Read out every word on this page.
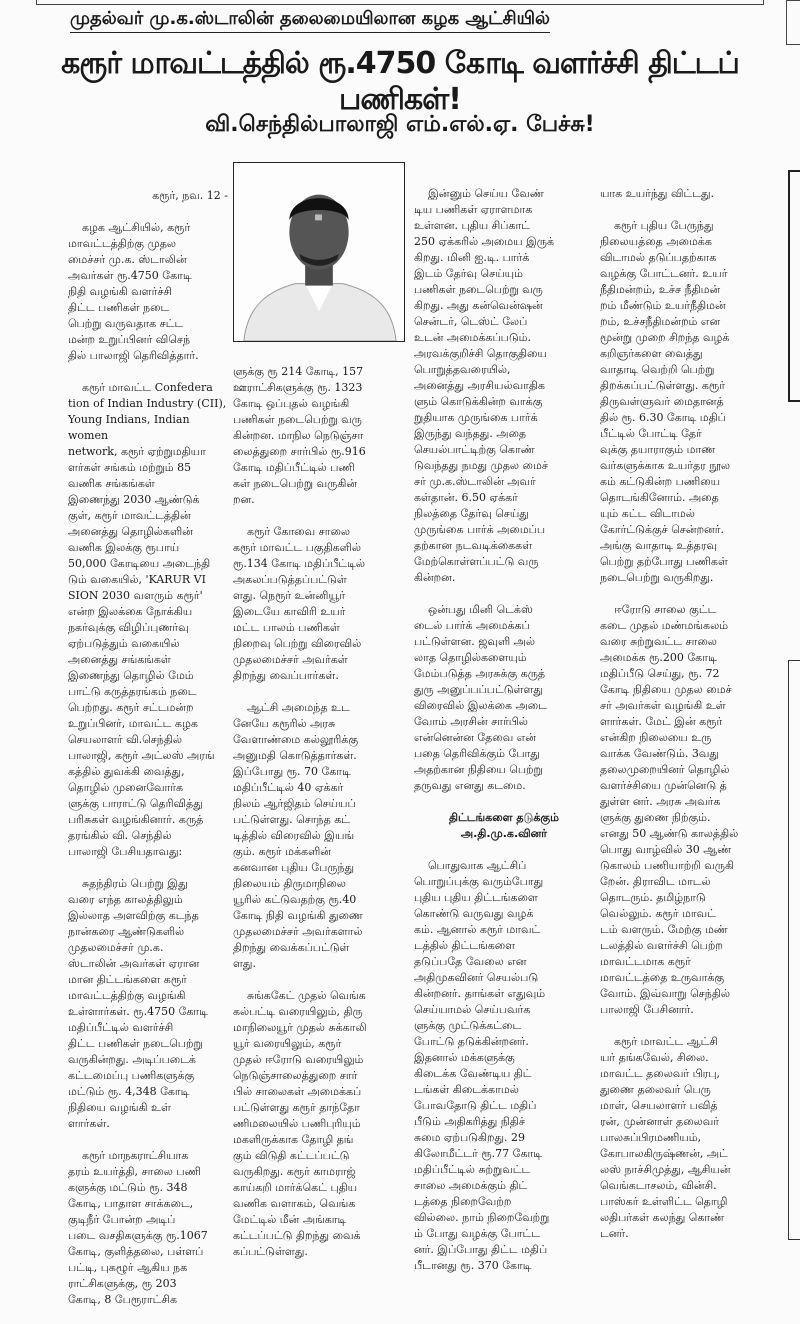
முதல்வர் மு.க.ஸ்டாலின் தலைமையிலான கழக ஆட்சியில்
கரூர் மாவட்டத்தில் ரூ.4750 கோடி வளர்ச்சி திட்டப் பணிகள்!
வி.செந்தில்பாலாஜி எம்.எல்.ஏ. பேச்சு!

கரூர், நவ. 12 -

கழக ஆட்சியில், கரூர்
மாவட்டத்திற்கு முதல
மைச்சர் மு.க. ஸ்டாலின்
அவர்கள் ரூ.4750 கோடி
நிதி வழங்கி வளர்ச்சி
திட்ட பணிகள் நடை
பெற்று வருவதாக சட்ட
மன்ற உறுப்பினர் விசெந்
தில் பாலாஜி தெரிவித்தார்.

கரூர் மாவட்ட Confedera
tion of Indian Industry (CII),
Young Indians, Indian women
network, கரூர் ஏற்றுமதியா
ளர்கள் சங்கம் மற்றும் 85
வணிக சங்கங்கள்
இணைந்து 2030 ஆண்டுக்
குள், கரூர் மாவட்டத்தின்
அனைத்து தொழில்களின்
வணிக இலக்கு ரூபாய்
50,000 கோடியை அடைந்தி
டும் வகையில், 'KARUR VI
SION 2030 வளரும் கரூர்'
என்ற இலக்கை நோக்கிய
நகர்வுக்கு விழிப்புணர்வு
ஏற்படுத்தும் வகையில்
அனைத்து சங்கங்கள்
இணைந்து தொழில் மேம்
பாட்டு கருத்தரங்கம் நடை
பெற்றது. கரூர் சட்டமன்ற
உறுப்பினர், மாவட்ட கழக
செயலாளர் வி.செந்தில்
பாலாஜி, கரூர் அட்லஸ் அரங்
கத்தில் துவக்கி வைத்து,
தொழில் முனைவோர்க
ளுக்கு பாராட்டு தெரிவித்து
பரிசுகள் வழங்கினார். கருத்
தரங்கில் வி. செந்தில்
பாலாஜி பேசியதாவது:

சுதந்திரம் பெற்று இது
வரை எந்த காலத்திலும்
இல்லாத அளவிற்கு கடந்த
நான்கரை ஆண்டுகளில்
முதலமைச்சர் மு.க.
ஸ்டாலின் அவர்கள் ஏரான
மான திட்டங்களை கரூர்
மாவட்டத்திற்கு வழங்கி
உள்ளார்கள். ரூ.4750 கோடி
மதிப்பீட்டில் வளர்ச்சி
திட்ட பணிகள் நடைபெற்று
வருகின்றது. அடிப்படைக்
கட்டமைப்பு பணிகளுக்கு
மட்டும் ரூ. 4,348 கோடி
நிதியை வழங்கி உள்
ளார்கள்.

கரூர் மாநகராட்சியாக
தரம் உயர்த்தி, சாலை பணி
களுக்கு மட்டும் ரூ. 348
கோடி, பாதாள சாக்கடை,
குடிநீர் போன்ற அடிப்
படை வசதிகளுக்கு ரூ.1067
கோடி, குளித்தலை, பள்ளப்
பட்டி, புகழூர் ஆகிய நக
ராட்சிகளுக்கு, ரூ 203
கோடி, 8 பேரூராட்சிக

ளுக்கு ரூ 214 கோடி, 157
ஊராட்சிகளுக்கு ரூ. 1323
கோடி ஒப்புதல் வழங்கி
பணிகள் நடைபெற்று வரு
கின்றன. மாநில நெடுஞ்சா
லைத்துறை சார்பில் ரூ.916
கோடி மதிப்பீட்டில் பணி
கள் நடைபெற்று வருகின்
றன.

கரூர் கோவை சாலை
கரூர் மாவட்ட பகுதிகளில்
ரூ.134 கோடி மதிப்பீட்டில்
அகலப்படுத்தப்பட்டுள்
ளது. நெரூர் உன்னியூர்
இடையே காவிரி உயர்
மட்ட பாலம் பணிகள்
நிறைவு பெற்று விரைவில்
முதலமைச்சர் அவர்கள்
திறந்து வைப்பார்கள்.

ஆட்சி அமைந்த உட
னேயே கரூரில் அரசு
வேளாண்மை கல்லூரிக்கு
அனுமதி கொடுத்தார்கள்.
இப்போது ரூ. 70 கோடி
மதிப்பீட்டில் 40 ஏக்கர்
நிலம் ஆர்ஜிதம் செய்யப்
பட்டுள்ளது. சொந்த கட்
டித்தில் விரைவில் இயங்
கும். கரூர் மக்களின்
கனவான புதிய பேருந்து
நிலையம் திருமாநிலை
யூரில் கட்டுவதற்கு ரூ.40
கோடி நிதி வழங்கி துணை
முதலமைச்சர் அவர்களால்
திறந்து வைக்கப்பட்டுள்
ளது.

சுங்ககேட் முதல் வெங்க
கல்பட்டி வரையிலும், திரு
மாநிலையூர் முதல் சுக்காலி
யூர் வரையிலும், கரூர்
முதல் ஈரோடு வரையிலும்
நெடுஞ்சாலைத்துறை சார்
பில் சாலைகள் அமைக்கப்
பட்டுள்ளது கரூர் தாந்தோ
ணிமலையில் பணிபுரியும்
மகளிருக்காக தோழி தங்
கும் விடுதி கட்டப்பட்டு
வருகிறது. கரூர் காமராஜ்
காய்கறி மார்க்கெட் புதிய
வணிக வளாகம், வெங்க
மேட்டில் மீன் அங்காடி
கட்டப்பட்டு திறந்து வைக்
கப்பட்டுள்ளது.

இன்னும் செய்ய வேண்
டிய பணிகள் ஏராளமாக
உள்ளன. புதிய சிப்காட்
250 ஏக்கரில் அமைய இருக்
கிறது. மினி ஐ.டி. பார்க்
இடம் தேர்வு செய்யும்
பணிகள் நடைபெற்று வரு
கிறது. அது கன்வென்ஷன்
சென்டர், டெஸ்ட் லேப்
உடன் அமைக்கப்படும்.
அரவக்குறிச்சி தொகுதியை
பொறுத்தவரையில்,
அனைத்து அரசியல்வாதிக
ளும் கொடுக்கின்ற வாக்கு
றுதியாக முருங்கை பார்க்
இருந்து வந்தது. அதை
செயல்பாட்டிற்கு கொண்
டுவந்தது நமது முதல மைச்
சர் மு.க.ஸ்டாலின் அவர்
கள்தான். 6.50 ஏக்கர்
நிலத்தை தேர்வு செய்து
முருங்கை பார்க் அமைப்ப
தற்கான நடவடிக்கைகள்
மேற்கொள்ளப்பட்டு வரு
கின்றன.

ஒன்பது மினி டெக்ஸ்
டைல் பார்க் அமைக்கப்
பட்டுள்ளன. ஜவுளி அல்
லாத தொழில்களையும்
மேம்படுத்த அரசுக்கு கருத்
துரு அனுப்பப்பட்டுள்ளது
விரைவில் இலக்கை அடை
வோம் அரசின் சார்பில்
என்னென்ன தேவை என்
பதை தெரிவிக்கும் போது
அதற்கான நிதியை பெற்று
தருவது எனது கடமை.

திட்டங்களை தடுக்கும்
அ.தி.மு.க.வினர்

பொதுவாக ஆட்சிப்
பொறுப்புக்கு வரும்போது
புதிய புதிய திட்டங்களை
கொண்டு வருவது வழக்
கம். ஆனால் கரூர் மாவட்
டத்தில் திட்டங்களை
தடுப்பதே வேலை என
அதிமுகவினர் செயல்படு
கின்றனர். தாங்கள் எதுவும்
செய்யாமல் செய்பவர்க
ளுக்கு முட்டுக்கட்டை
போட்டு தடுக்கின்றனர்.
இதனால் மக்களுக்கு
கிடைக்க வேண்டிய திட்
டங்கள் கிடைக்காமல்
போவதோடு திட்ட மதிப்
பீடும் அதிகரித்து நிதிச்
சுமை ஏற்படுகிறது. 29
கிலோமீட்டர் ரூ.77 கோடி
மதிப்பீட்டில் சுற்றுவட்ட
சாலை அமைக்கும் திட்
டத்தை நிறைவேற்ற
வில்லை. நாம் நிறைவேற்று
ம் போது வழக்கு போட்ட
னர். இப்போது திட்ட மதிப்
பீடானது ரூ. 370 கோடி

யாக உயர்ந்து விட்டது.

கரூர் புதிய பேருந்து
நிலையத்தை அமைக்க
விடாமல் தடுப்பதற்காக
வழக்கு போட்டனர். உயர்
நீதிமன்றம், உச்ச நீதிமன்
றம் மீண்டும் உயர்நீதிமன்
றம், உச்சநீதிமன்றம் என
மூன்று முறை சிறந்த வழக்
கறிஞர்களை வைத்து
வாதாடி வெற்றி பெற்று
திறக்கப்பட்டுள்ளது. கரூர்
திருவள்ளுவர் மைதானத்
தில் ரூ. 6.30 கோடி மதிப்
பீட்டில் போட்டி தேர்
வுக்கு தயாராகும் மாண
வர்களுக்காக உயர்தர நூல
கம் கட்டுகின்ற பணியை
தொடங்கினோம். அதை
யும் கட்ட விடாமல்
கோர்ட்டுக்குச் சென்றனர்.
அங்கு வாதாடி உத்தரவு
பெற்று தற்போது பணிகள்
நடைபெற்று வருகிறது.

ஈரோடு சாலை குட்ட
கடை முதல் மண்மங்கலம்
வரை சுற்றுவட்ட சாலை
அமைக்க ரூ.200 கோடி
மதிப்பீடு செய்து, ரூ. 72
கோடி நிதியை முதல மைச்
சர் அவர்கள் வழங்கி உள்
ளார்கள். மேட் இன் கரூர்
என்கிற நிலையை உரு
வாக்க வேண்டும். 3வது
தலைமுறையினர் தொழில்
வளர்ச்சியை முன்னெடு த்
துள்ள னர். அரசு அவர்க
ளுக்கு துணை நிற்கும்.
எனது 50 ஆண்டு காலத்தில்
பொது வாழ்வில் 30 ஆண்
டுகாலம் பணியாற்றி வருகி
றேன். திராவிட மாடல்
தொடரும். தமிழ்நாடு
வெல்லும். கரூர் மாவட்
டம் வளரும். மேற்கு மண்
டலத்தில் வளர்ச்சி பெற்ற
மாவட்டமாக கரூர்
மாவட்டத்தை உருவாக்கு
வோம். இவ்வாறு செந்தில்
பாலாஜி பேசினார்.

கரூர் மாவட்ட ஆட்சி
யர் தங்கவேல், சிலை.
மாவட்ட தலைவர் பிரபு,
துணை தலைவர் பெரு
மாள், செயலாளர் பவித்
ரன், முன்னாள் தலைவர்
பாலசுப்பிரமணியம்,
கோபாலகிருஷ்ணன், அட்
லஸ் நாச்சிமுத்து, ஆசியன்
வெங்கடாசலம், வின்சி.
பாஸ்கர் உள்ளிட்ட தொழி
லதிபர்கள் கலந்து கொண்
டனர்.
